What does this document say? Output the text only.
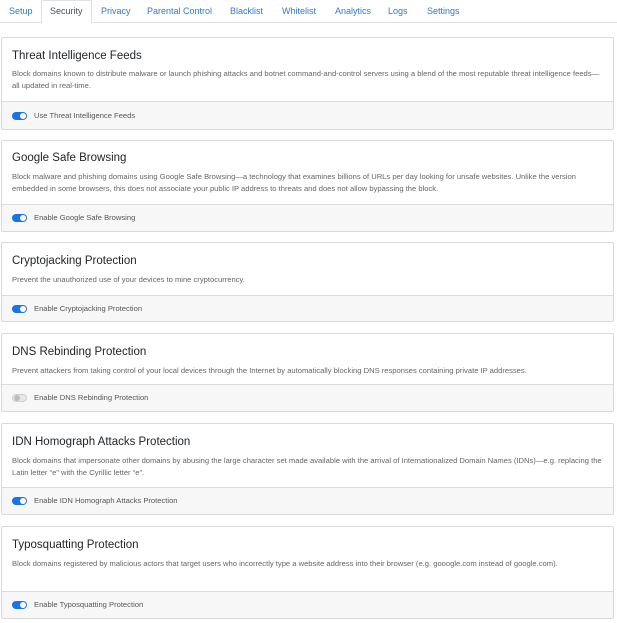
Setup	Security	Privacy Parental Control Blacklist Whitelist Analytics Logs Settings
Threat Intelligence Feeds
Block domains known to distribute malware or launch phishing attacks and botnet command-and-control servers using a blend of the most reputable threat intelligence feeds—all updated in real-time.
Use Threat Intelligence Feeds
Google Safe Browsing
Block malware and phishing domains using Google Safe Browsing—a technology that examines billions of URLs per day looking for unsafe websites. Unlike the version embedded in some browsers, this does not associate your public IP address to threats and does not allow bypassing the block.
Enable Google Safe Browsing
Cryptojacking Protection
Prevent the unauthorized use of your devices to mine cryptocurrency.
Enable Cryptojacking Protection
DNS Rebinding Protection
Prevent attackers from taking control of your local devices through the Internet by automatically blocking DNS responses containing private IP addresses.
Enable DNS Rebinding Protection
IDN Homograph Attacks Protection
Block domains that impersonate other domains by abusing the large character set made available with the arrival of Internationalized Domain Names (IDNs)—e.g. replacing the Latin letter “e” with the Cyrillic letter “е”.
Enable IDN Homograph Attacks Protection
Typosquatting Protection
Block domains registered by malicious actors that target users who incorrectly type a website address into their browser (e.g. gooogle.com instead of google.com).
Enable Typosquatting Protection
